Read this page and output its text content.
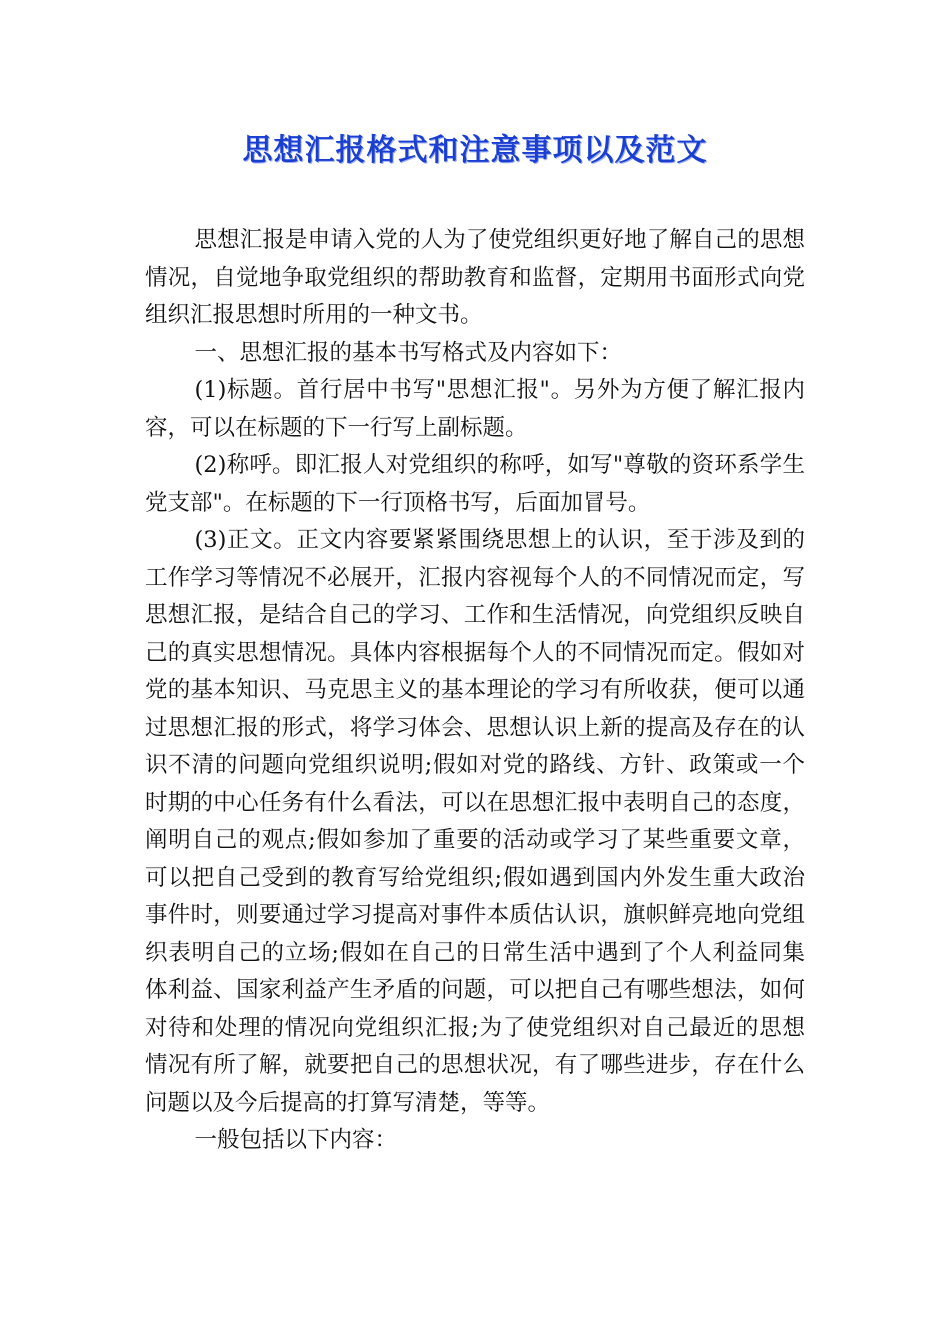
思想汇报格式和注意事项以及范文

思想汇报是申请入党的人为了使党组织更好地了解自己的思想情况，自觉地争取党组织的帮助教育和监督，定期用书面形式向党组织汇报思想时所用的一种文书。

一、思想汇报的基本书写格式及内容如下：

(1)标题。首行居中书写"思想汇报"。另外为方便了解汇报内容，可以在标题的下一行写上副标题。

(2)称呼。即汇报人对党组织的称呼，如写"尊敬的资环系学生党支部"。在标题的下一行顶格书写，后面加冒号。

(3)正文。正文内容要紧紧围绕思想上的认识，至于涉及到的工作学习等情况不必展开，汇报内容视每个人的不同情况而定，写思想汇报，是结合自己的学习、工作和生活情况，向党组织反映自己的真实思想情况。具体内容根据每个人的不同情况而定。假如对党的基本知识、马克思主义的基本理论的学习有所收获，便可以通过思想汇报的形式，将学习体会、思想认识上新的提高及存在的认识不清的问题向党组织说明;假如对党的路线、方针、政策或一个时期的中心任务有什么看法，可以在思想汇报中表明自己的态度，阐明自己的观点;假如参加了重要的活动或学习了某些重要文章，可以把自己受到的教育写给党组织;假如遇到国内外发生重大政治事件时，则要通过学习提高对事件本质估认识，旗帜鲜亮地向党组织表明自己的立场;假如在自己的日常生活中遇到了个人利益同集体利益、国家利益产生矛盾的问题，可以把自己有哪些想法，如何对待和处理的情况向党组织汇报;为了使党组织对自己最近的思想情况有所了解，就要把自己的思想状况，有了哪些进步，存在什么问题以及今后提高的打算写清楚，等等。

一般包括以下内容：
